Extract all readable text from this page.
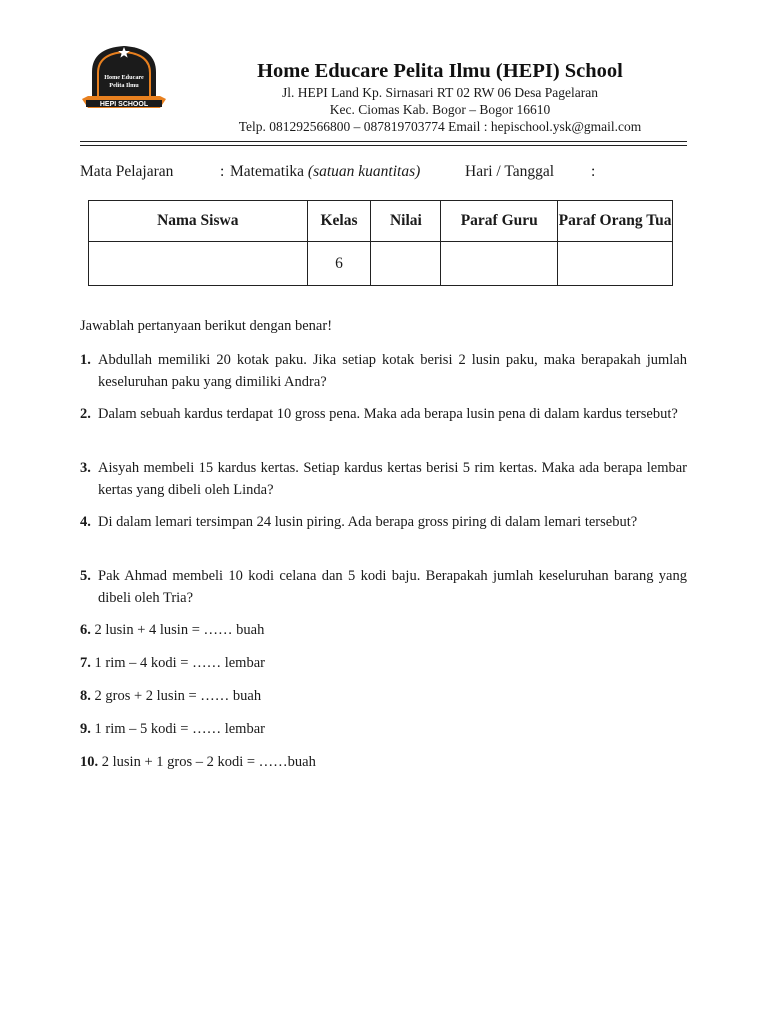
Home Educare
Pelita Ilmu
HEPI SCHOOL
Home Educare Pelita Ilmu (HEPI) School
Jl. HEPI Land Kp. Sirnasari RT 02 RW 06 Desa Pagelaran
Kec. Ciomas Kab. Bogor – Bogor 16610
Telp. 081292566800 – 087819703774 Email : hepischool.ysk@gmail.com
Mata Pelajaran	: Matematika (satuan kuantitas)	Hari / Tanggal :
Nama Siswa	Kelas	Nilai	Paraf Guru	Paraf Orang Tua
	6			
Jawablah pertanyaan berikut dengan benar!
1. Abdullah memiliki 20 kotak paku. Jika setiap kotak berisi 2 lusin paku, maka berapakah jumlah keseluruhan paku yang dimiliki Andra?
2. Dalam sebuah kardus terdapat 10 gross pena. Maka ada berapa lusin pena di dalam kardus tersebut?
3. Aisyah membeli 15 kardus kertas. Setiap kardus kertas berisi 5 rim kertas. Maka ada berapa lembar kertas yang dibeli oleh Linda?
4. Di dalam lemari tersimpan 24 lusin piring. Ada berapa gross piring di dalam lemari tersebut?
5. Pak Ahmad membeli 10 kodi celana dan 5 kodi baju. Berapakah jumlah keseluruhan barang yang dibeli oleh Tria?
6. 2 lusin + 4 lusin = …… buah
7. 1 rim – 4 kodi = …… lembar
8. 2 gros + 2 lusin = …… buah
9. 1 rim – 5 kodi = …… lembar
10. 2 lusin + 1 gros – 2 kodi = ……buah
